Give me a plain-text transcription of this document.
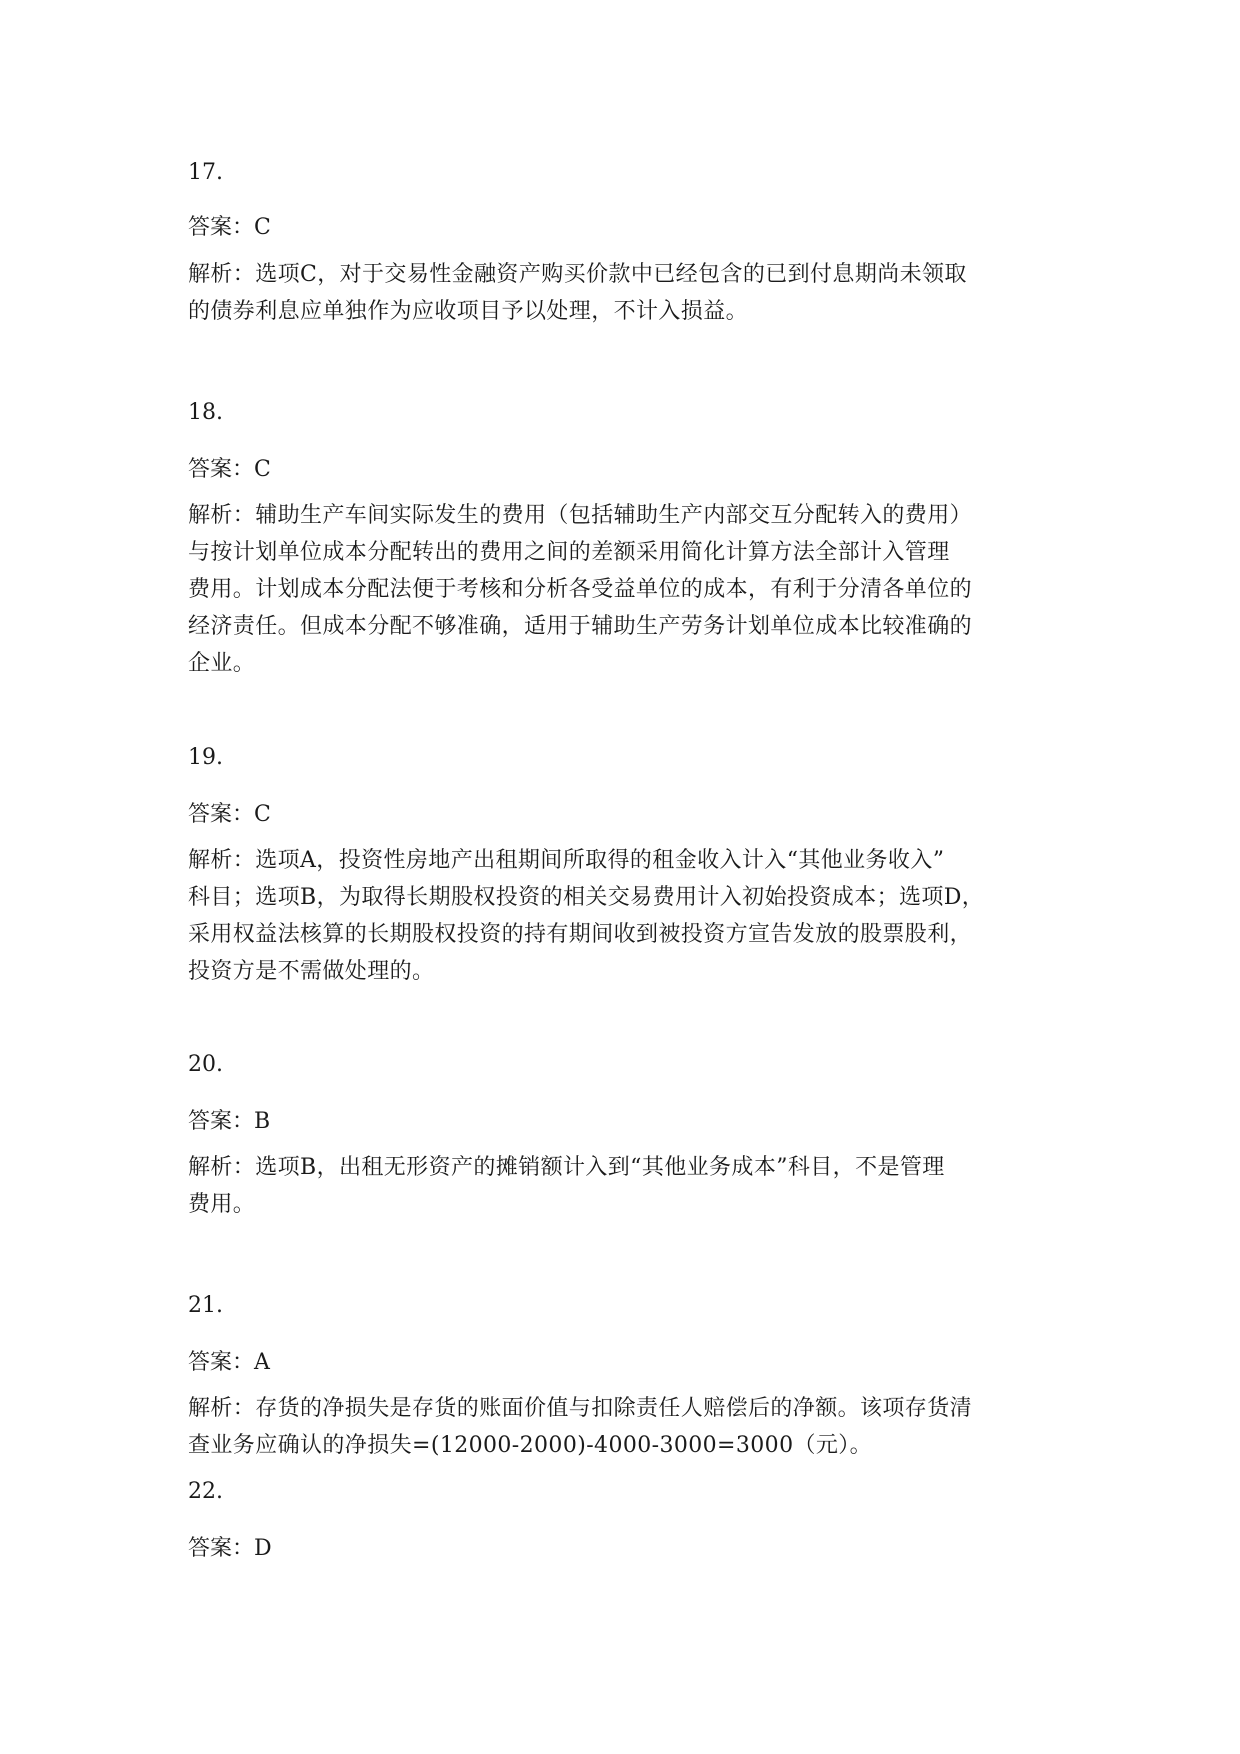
17.

答案：C

解析：选项C，对于交易性金融资产购买价款中已经包含的已到付息期尚未领取
的债券利息应单独作为应收项目予以处理，不计入损益。

18.

答案：C

解析：辅助生产车间实际发生的费用（包括辅助生产内部交互分配转入的费用）
与按计划单位成本分配转出的费用之间的差额采用简化计算方法全部计入管理
费用。计划成本分配法便于考核和分析各受益单位的成本，有利于分清各单位的
经济责任。但成本分配不够准确，适用于辅助生产劳务计划单位成本比较准确的
企业。

19.

答案：C

解析：选项A，投资性房地产出租期间所取得的租金收入计入“其他业务收入”
科目；选项B，为取得长期股权投资的相关交易费用计入初始投资成本；选项D，
采用权益法核算的长期股权投资的持有期间收到被投资方宣告发放的股票股利，
投资方是不需做处理的。

20.

答案：B

解析：选项B，出租无形资产的摊销额计入到“其他业务成本”科目，不是管理
费用。

21.

答案：A

解析：存货的净损失是存货的账面价值与扣除责任人赔偿后的净额。该项存货清
查业务应确认的净损失=(12000-2000)-4000-3000=3000（元）。

22.

答案：D
